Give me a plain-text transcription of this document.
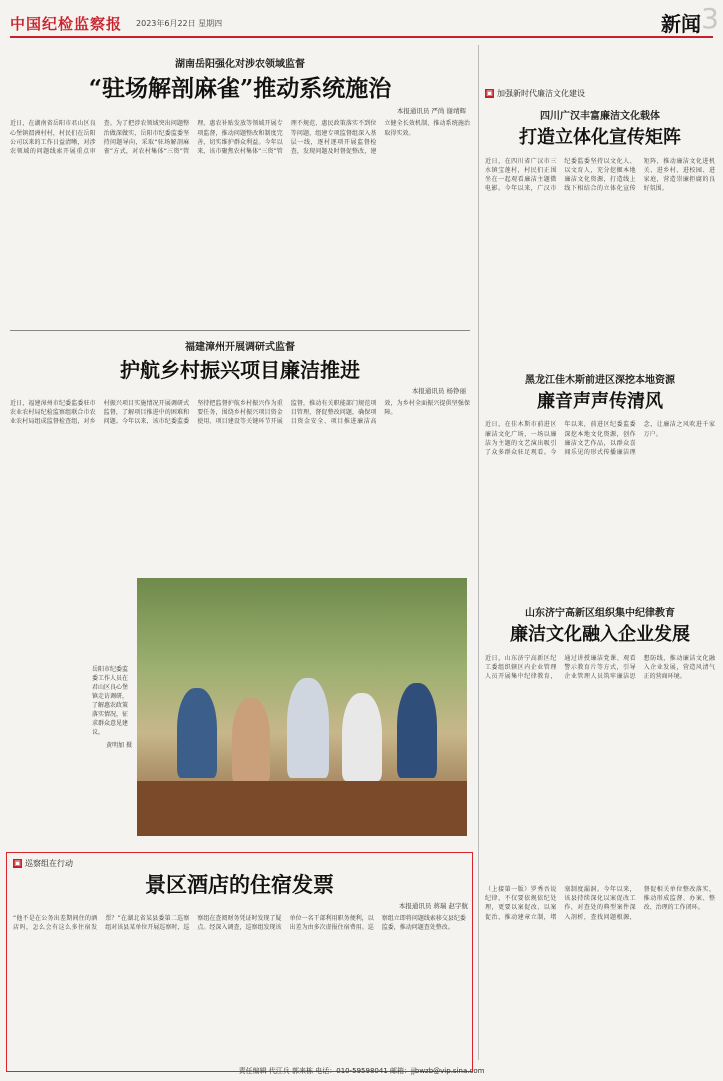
中国纪检监察报 2023年6月22日 星期四	新闻 3
湖南岳阳强化对涉农领域监督
“驻场解剖麻雀”推动系统施治
本报通讯员 严尚 谢靖辉
近日，在湖南省岳阳市君山区良心堡镇渭洲村村，村民们在岳阳公司以来的工作日益清晰，对涉农领域的问题线索开展重点审查。为了把涉农领域突出问题整治做深做实，岳阳市纪委监委坚持问题导向，采取“驻场解剖麻雀”方式，对农村集体“三资”管理、惠农补贴发放等领域开展专项监督，推动问题整改和制度完善，切实维护群众利益。今年以来，该市聚焦农村集体“三资”管理不规范、惠民政策落实不到位等问题，组建专项监督组深入基层一线，逐村逐项开展监督检查，发现问题及时督促整改，建立健全长效机制，推动系统施治取得实效。
福建漳州开展调研式监督
护航乡村振兴项目廉洁推进
本报通讯员 杨铮丽
近日，福建漳州市纪委监委驻市农业农村局纪检监察组联合市农业农村局组成监督检查组，对乡村振兴项目实施情况开展调研式监督，了解项目推进中的困难和问题。今年以来，该市纪委监委坚持把监督护航乡村振兴作为重要任务，围绕乡村振兴项目资金使用、项目建设等关键环节开展监督，推动有关职能部门规范项目管理，督促整改问题，确保项目资金安全、项目推进廉洁高效，为乡村全面振兴提供坚强保障。
岳阳市纪委监委工作人员在君山区良心堡镇走访调研，了解惠农政策落实情况，征求群众意见建议。
黄明加 摄
▣ 巡察组在行动
景区酒店的住宿发票
本报通讯员 蒋瑞 赵宇航
“他不是在公务出差期间住的酒店吗，怎么会有这么多住宿发票？”在湖北省某县委第二巡察组对该县某单位开展巡察时，巡察组在查阅财务凭证时发现了疑点。经深入调查，巡察组发现该单位一名干部利用职务便利，以出差为由多次虚报住宿费用。巡察组立即将问题线索移交县纪委监委，推动问题查处整改。
▣ 加强新时代廉洁文化建设
四川广汉丰富廉洁文化载体
打造立体化宣传矩阵
近日，在四川省广汉市三水镇宝莲村，村民们正围坐在一起观看廉洁主题微电影。今年以来，广汉市纪委监委坚持以文化人、以文育人，充分挖掘本地廉洁文化资源，打造线上线下相结合的立体化宣传矩阵，推动廉洁文化进机关、进乡村、进校园、进家庭，营造崇廉拒腐的良好氛围。
黑龙江佳木斯前进区深挖本地资源
廉音声声传清风
近日，在佳木斯市前进区廉洁文化广场，一场以廉洁为主题的文艺演出吸引了众多群众驻足观看。今年以来，前进区纪委监委深挖本地文化资源，创作廉洁文艺作品，以群众喜闻乐见的形式传播廉洁理念，让廉洁之风吹进千家万户。
山东济宁高新区组织集中纪律教育
廉洁文化融入企业发展
近日，山东济宁高新区纪工委组织辖区内企业管理人员开展集中纪律教育，通过讲授廉洁党课、观看警示教育片等方式，引导企业管理人员筑牢廉洁思想防线，推动廉洁文化融入企业发展，营造风清气正的营商环境。
（上接第一版）罗秀吾说纪律，不仅要依规依纪处理，更要以案促改、以案促治，推动建章立制，堵塞制度漏洞。今年以来，该县持续深化以案促改工作，对查处的典型案件深入剖析，查找问题根源，督促相关单位整改落实，推动形成监督、办案、整改、治理的工作闭环。
责任编辑 代江兵 郭来栋 电话：010-59598041 邮箱：jjbwzb@vip.sina.com
